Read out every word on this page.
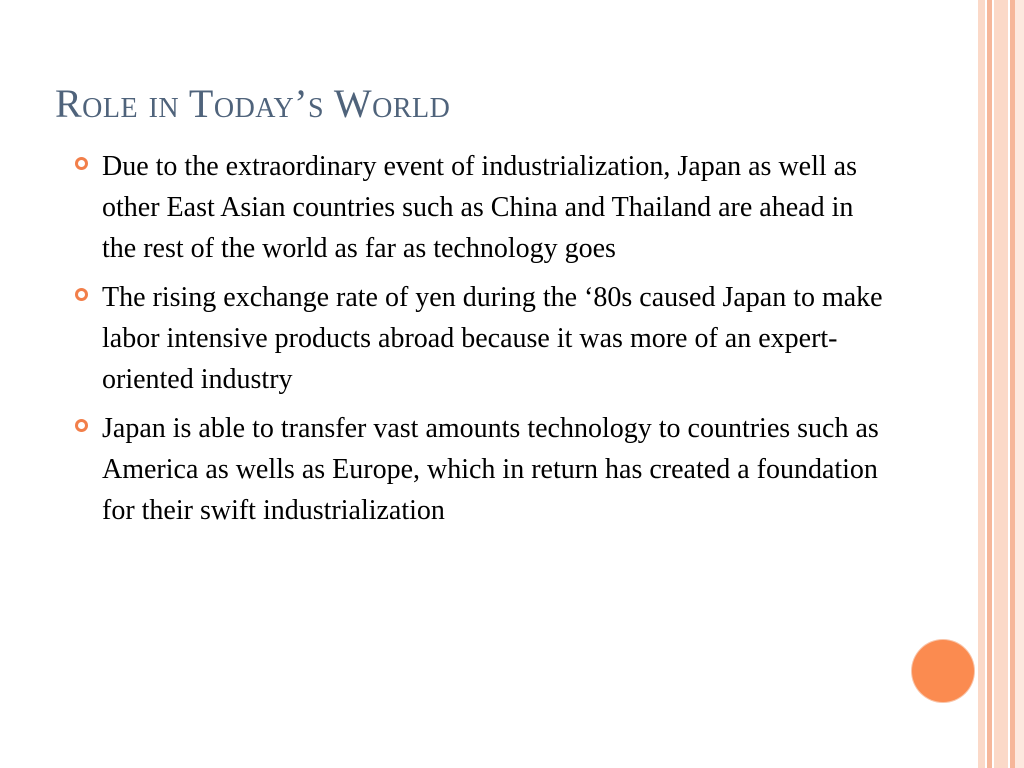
Role in Today’s World
Due to the extraordinary event of industrialization, Japan as well as other East Asian countries such as China and Thailand are ahead in the rest of the world as far as technology goes
The rising exchange rate of yen during the ‘80s caused Japan to make labor intensive products abroad because it was more of an expert-oriented industry
Japan is able to transfer vast amounts technology to countries such as America as wells as Europe, which in return has created a foundation for their swift industrialization
